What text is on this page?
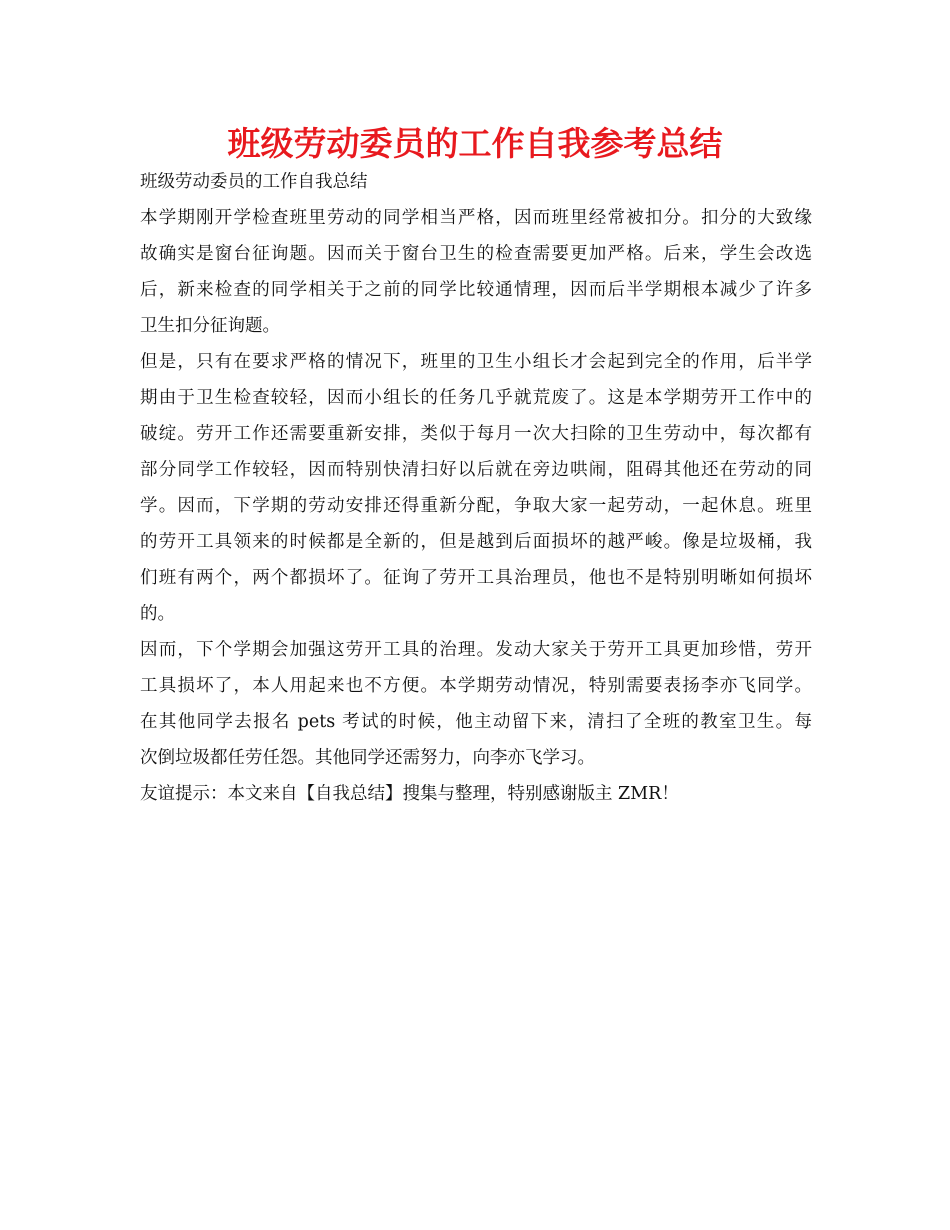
班级劳动委员的工作自我参考总结
班级劳动委员的工作自我总结
本学期刚开学检查班里劳动的同学相当严格，因而班里经常被扣分。扣分的大致缘
故确实是窗台征询题。因而关于窗台卫生的检查需要更加严格。后来，学生会改选
后，新来检查的同学相关于之前的同学比较通情理，因而后半学期根本减少了许多
卫生扣分征询题。
但是，只有在要求严格的情况下，班里的卫生小组长才会起到完全的作用，后半学
期由于卫生检查较轻，因而小组长的任务几乎就荒废了。这是本学期劳开工作中的
破绽。劳开工作还需要重新安排，类似于每月一次大扫除的卫生劳动中，每次都有
部分同学工作较轻，因而特别快清扫好以后就在旁边哄闹，阻碍其他还在劳动的同
学。因而，下学期的劳动安排还得重新分配，争取大家一起劳动，一起休息。班里
的劳开工具领来的时候都是全新的，但是越到后面损坏的越严峻。像是垃圾桶，我
们班有两个，两个都损坏了。征询了劳开工具治理员，他也不是特别明晰如何损坏
的。
因而，下个学期会加强这劳开工具的治理。发动大家关于劳开工具更加珍惜，劳开
工具损坏了，本人用起来也不方便。本学期劳动情况，特别需要表扬李亦飞同学。
在其他同学去报名 pets 考试的时候，他主动留下来，清扫了全班的教室卫生。每
次倒垃圾都任劳任怨。其他同学还需努力，向李亦飞学习。
友谊提示：本文来自【自我总结】搜集与整理，特别感谢版主 ZMR！
